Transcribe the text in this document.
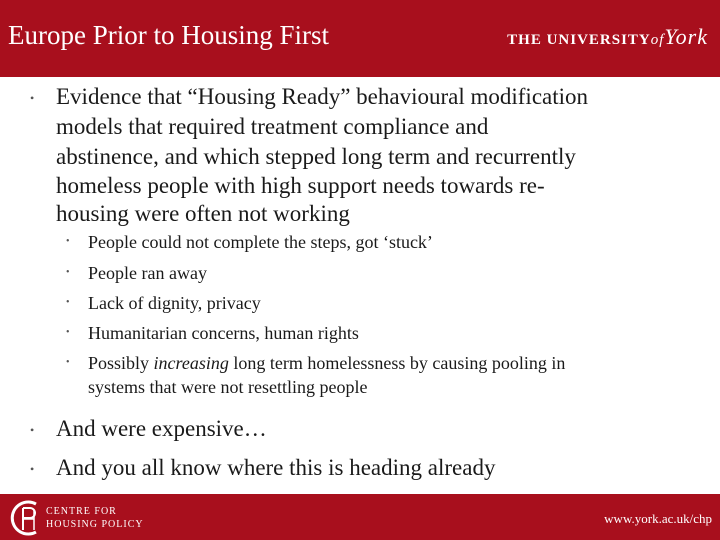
Europe Prior to Housing First	THE UNIVERSITYofYork
• Evidence that “Housing Ready” behavioural modification
models that required treatment compliance and
abstinence, and which stepped long term and recurrently
homeless people with high support needs towards re-
housing were often not working
• People could not complete the steps, got ‘stuck’
• People ran away
• Lack of dignity, privacy
• Humanitarian concerns, human rights
• Possibly increasing long term homelessness by causing pooling in
systems that were not resettling people
• And were expensive…
• And you all know where this is heading already
CENTRE FOR
HOUSING POLICY	www.york.ac.uk/chp
